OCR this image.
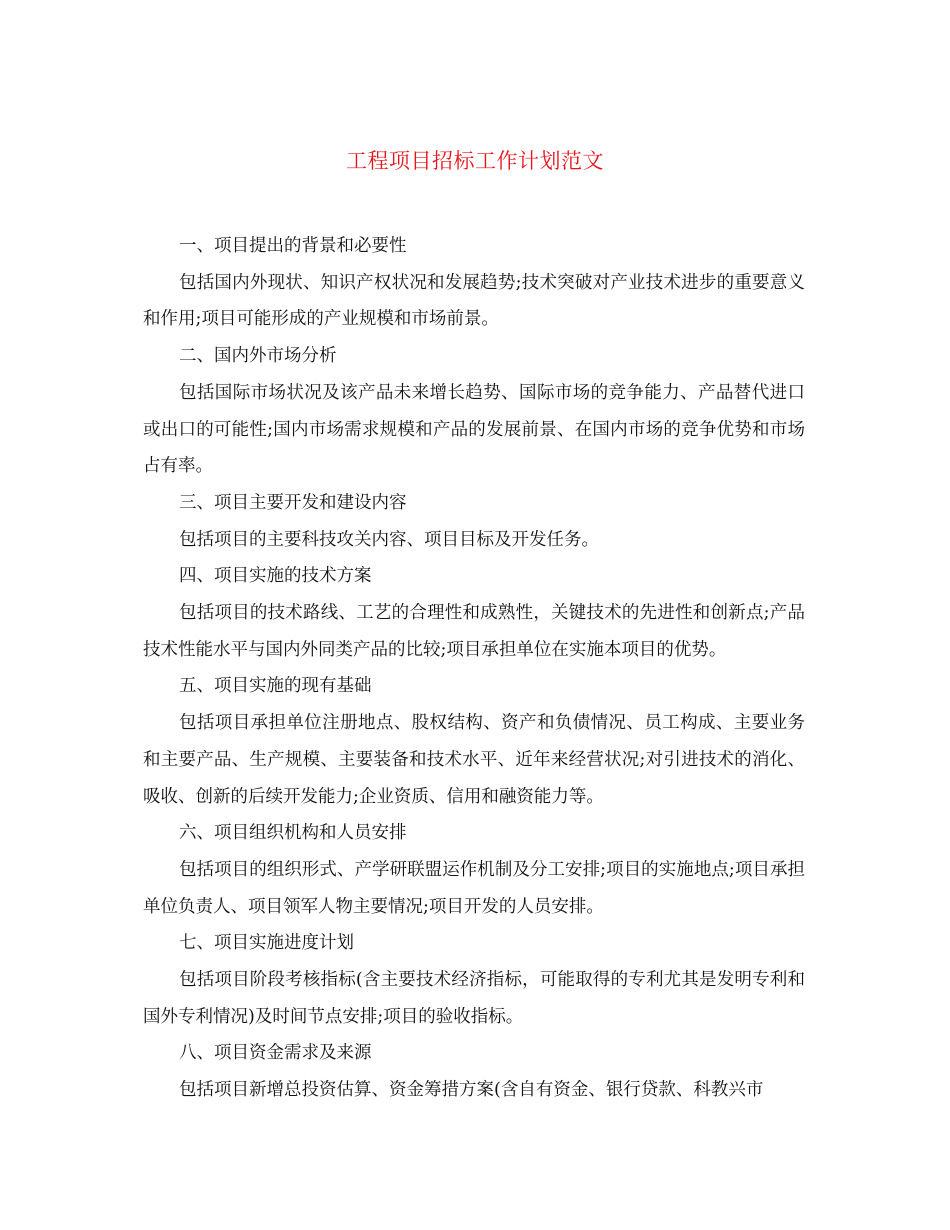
工程项目招标工作计划范文

一、项目提出的背景和必要性

包括国内外现状、知识产权状况和发展趋势;技术突破对产业技术进步的重要意义和作用;项目可能形成的产业规模和市场前景。

二、国内外市场分析

包括国际市场状况及该产品未来增长趋势、国际市场的竞争能力、产品替代进口或出口的可能性;国内市场需求规模和产品的发展前景、在国内市场的竞争优势和市场占有率。

三、项目主要开发和建设内容

包括项目的主要科技攻关内容、项目目标及开发任务。

四、项目实施的技术方案

包括项目的技术路线、工艺的合理性和成熟性，关键技术的先进性和创新点;产品技术性能水平与国内外同类产品的比较;项目承担单位在实施本项目的优势。

五、项目实施的现有基础

包括项目承担单位注册地点、股权结构、资产和负债情况、员工构成、主要业务和主要产品、生产规模、主要装备和技术水平、近年来经营状况;对引进技术的消化、吸收、创新的后续开发能力;企业资质、信用和融资能力等。

六、项目组织机构和人员安排

包括项目的组织形式、产学研联盟运作机制及分工安排;项目的实施地点;项目承担单位负责人、项目领军人物主要情况;项目开发的人员安排。

七、项目实施进度计划

包括项目阶段考核指标(含主要技术经济指标，可能取得的专利尤其是发明专利和国外专利情况)及时间节点安排;项目的验收指标。

八、项目资金需求及来源

包括项目新增总投资估算、资金筹措方案(含自有资金、银行贷款、科教兴市
